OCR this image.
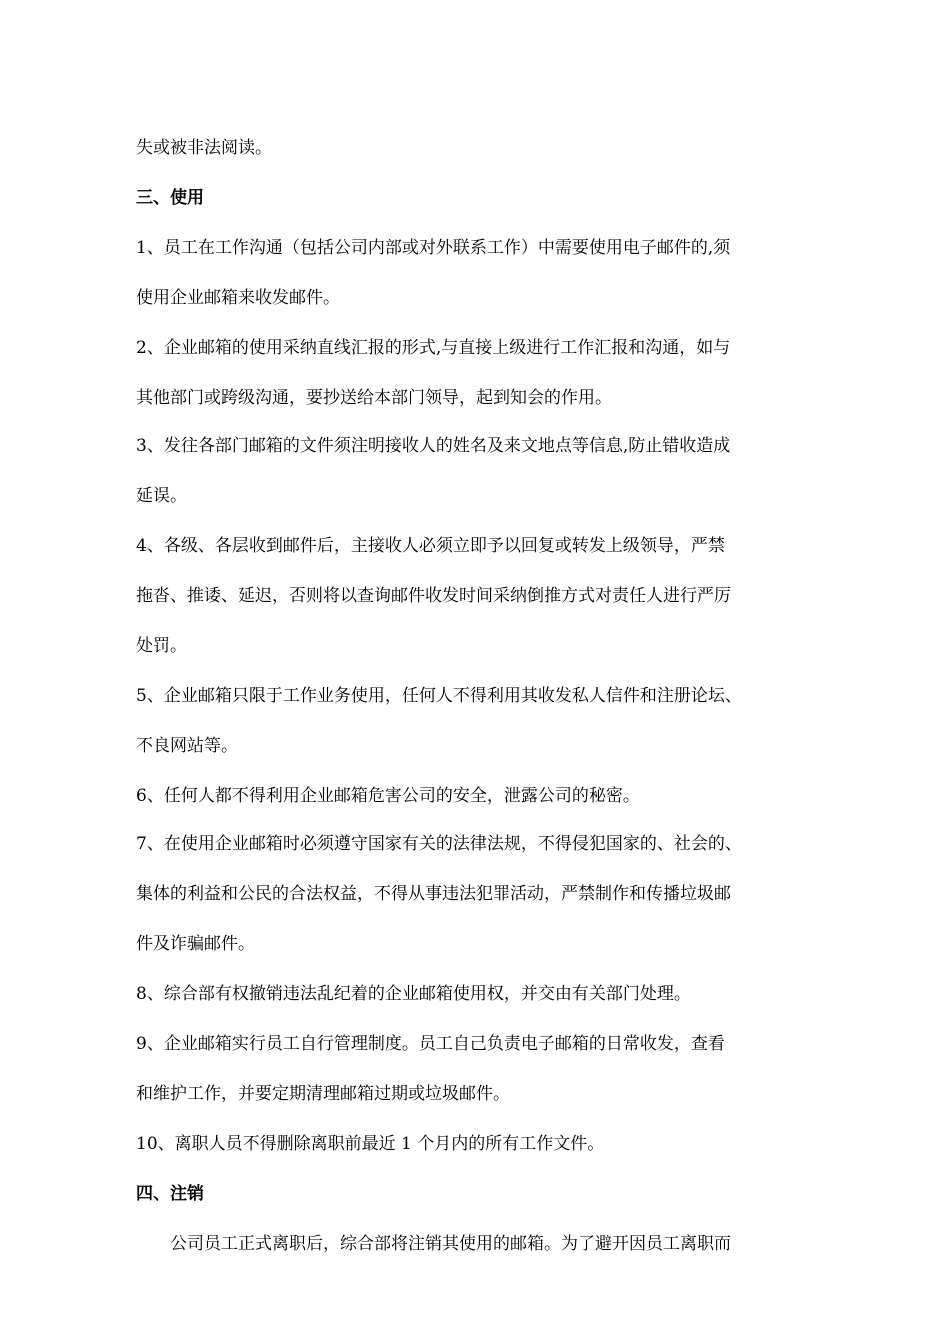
失或被非法阅读。
三、使用
1、员工在工作沟通（包括公司内部或对外联系工作）中需要使用电子邮件的,须
使用企业邮箱来收发邮件。
2、企业邮箱的使用采纳直线汇报的形式,与直接上级进行工作汇报和沟通，如与
其他部门或跨级沟通，要抄送给本部门领导，起到知会的作用。
3、发往各部门邮箱的文件须注明接收人的姓名及来文地点等信息,防止错收造成
延误。
4、各级、各层收到邮件后，主接收人必须立即予以回复或转发上级领导，严禁
拖沓、推诿、延迟，否则将以查询邮件收发时间采纳倒推方式对责任人进行严厉
处罚。
5、企业邮箱只限于工作业务使用，任何人不得利用其收发私人信件和注册论坛、
不良网站等。
6、任何人都不得利用企业邮箱危害公司的安全，泄露公司的秘密。
7、在使用企业邮箱时必须遵守国家有关的法律法规，不得侵犯国家的、社会的、
集体的利益和公民的合法权益，不得从事违法犯罪活动，严禁制作和传播垃圾邮
件及诈骗邮件。
8、综合部有权撤销违法乱纪着的企业邮箱使用权，并交由有关部门处理。
9、企业邮箱实行员工自行管理制度。员工自己负责电子邮箱的日常收发，查看
和维护工作，并要定期清理邮箱过期或垃圾邮件。
10、离职人员不得删除离职前最近 1 个月内的所有工作文件。
四、注销
公司员工正式离职后，综合部将注销其使用的邮箱。为了避开因员工离职而
